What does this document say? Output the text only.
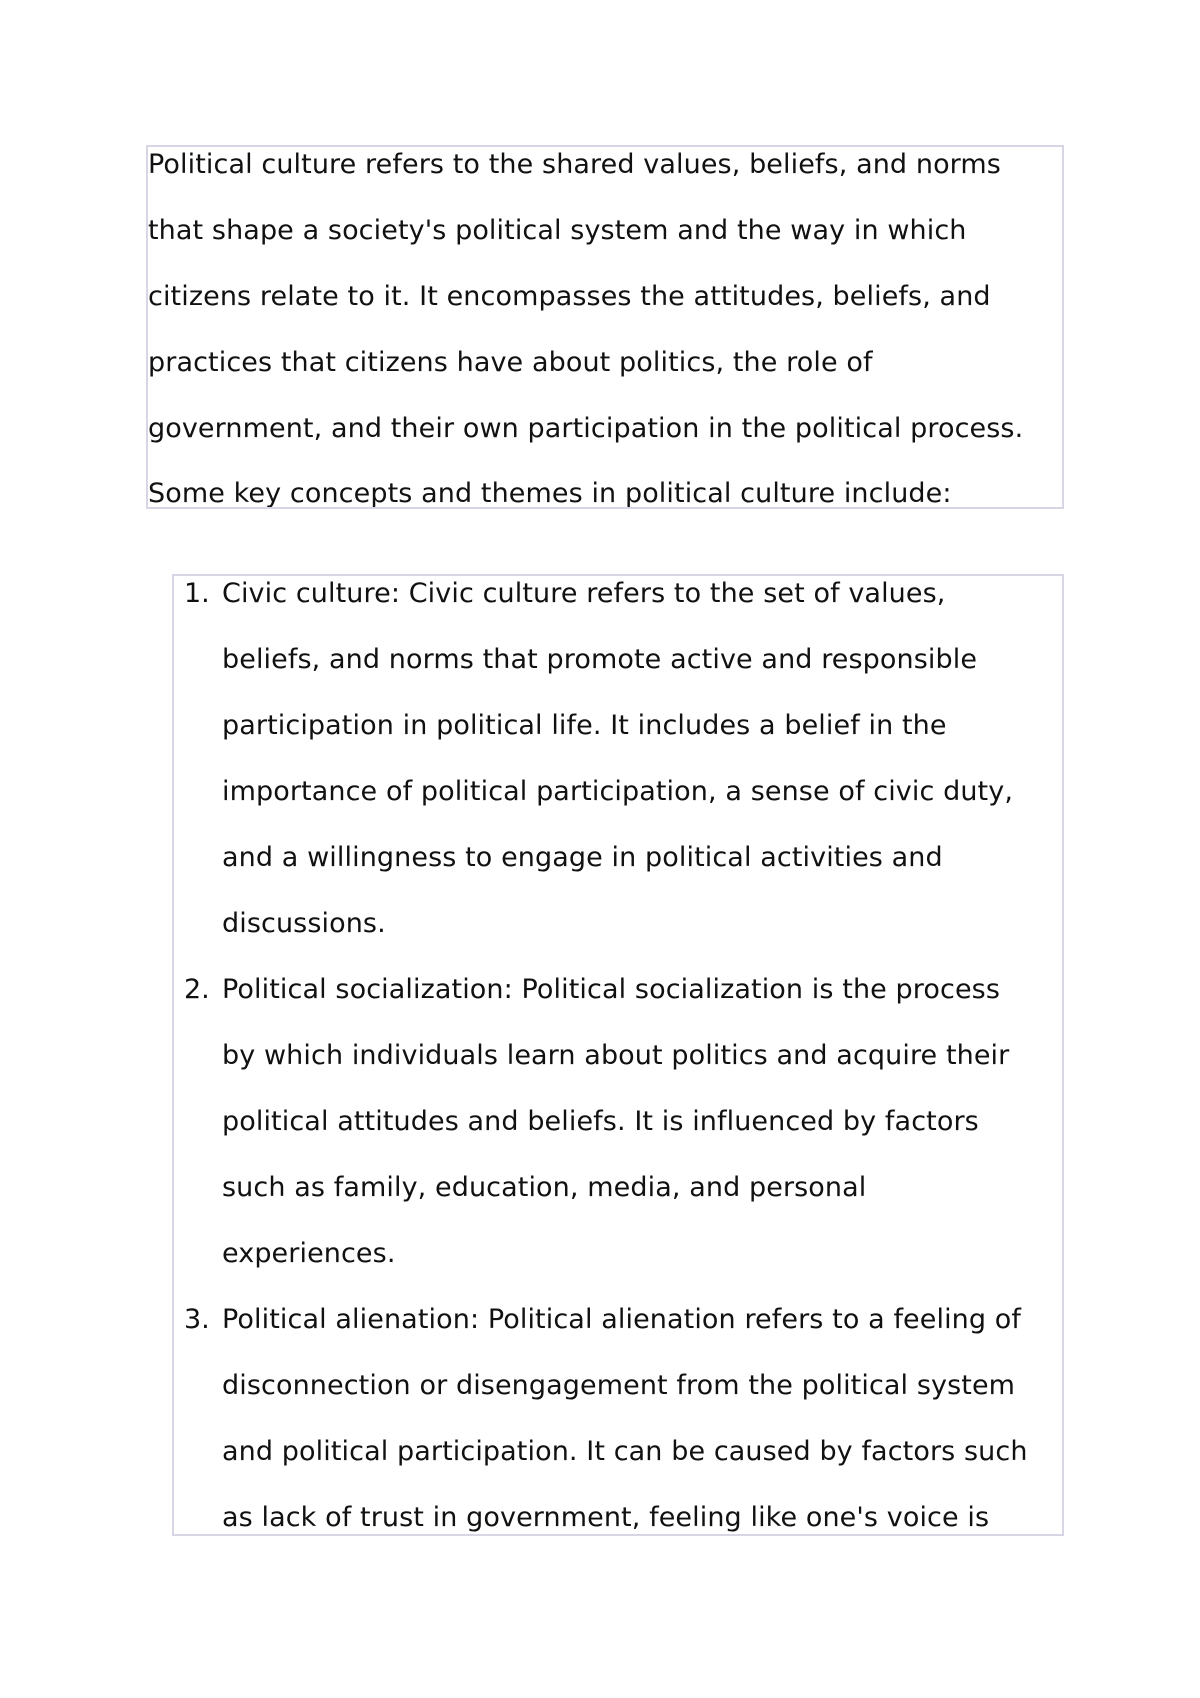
Political culture refers to the shared values, beliefs, and norms
that shape a society's political system and the way in which
citizens relate to it. It encompasses the attitudes, beliefs, and
practices that citizens have about politics, the role of
government, and their own participation in the political process.
Some key concepts and themes in political culture include:
1. Civic culture: Civic culture refers to the set of values,
beliefs, and norms that promote active and responsible
participation in political life. It includes a belief in the
importance of political participation, a sense of civic duty,
and a willingness to engage in political activities and
discussions.
2. Political socialization: Political socialization is the process
by which individuals learn about politics and acquire their
political attitudes and beliefs. It is influenced by factors
such as family, education, media, and personal
experiences.
3. Political alienation: Political alienation refers to a feeling of
disconnection or disengagement from the political system
and political participation. It can be caused by factors such
as lack of trust in government, feeling like one's voice is
